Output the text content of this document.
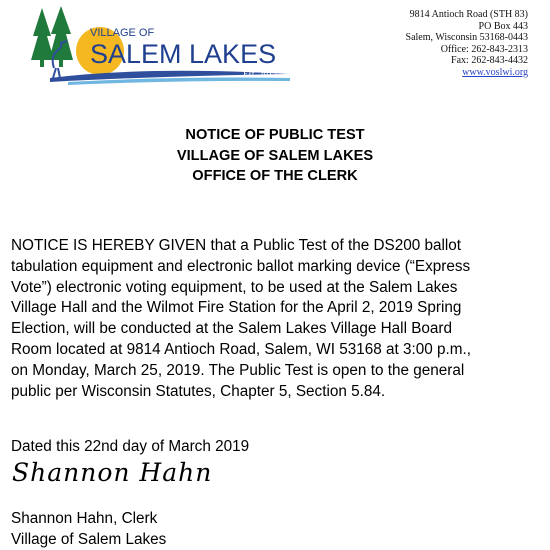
VILLAGE OF
SALEM LAKES
Est. 2017
9814 Antioch Road (STH 83)
PO Box 443
Salem, Wisconsin 53168-0443
Office: 262-843-2313
Fax: 262-843-4432
www.voslwi.org
NOTICE OF PUBLIC TEST
VILLAGE OF SALEM LAKES
OFFICE OF THE CLERK
NOTICE IS HEREBY GIVEN that a Public Test of the DS200 ballot
tabulation equipment and electronic ballot marking device (“Express
Vote”) electronic voting equipment, to be used at the Salem Lakes
Village Hall and the Wilmot Fire Station for the April 2, 2019 Spring
Election, will be conducted at the Salem Lakes Village Hall Board
Room located at 9814 Antioch Road, Salem, WI 53168 at 3:00 p.m.,
on Monday, March 25, 2019. The Public Test is open to the general
public per Wisconsin Statutes, Chapter 5, Section 5.84.
Dated this 22nd day of March 2019
Shannon Hahn
Shannon Hahn, Clerk
Village of Salem Lakes
